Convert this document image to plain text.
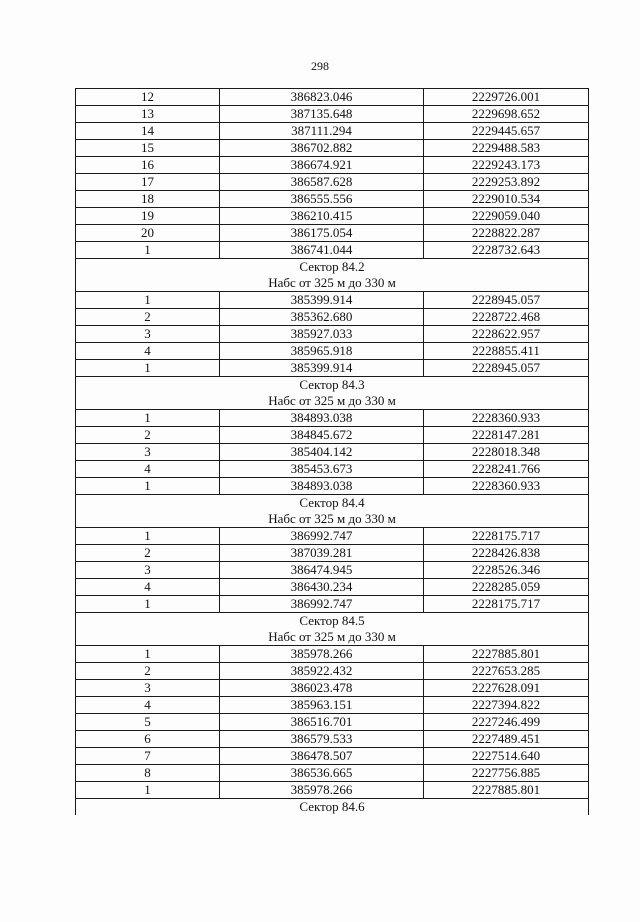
298
12	386823.046	2229726.001
13	387135.648	2229698.652
14	387111.294	2229445.657
15	386702.882	2229488.583
16	386674.921	2229243.173
17	386587.628	2229253.892
18	386555.556	2229010.534
19	386210.415	2229059.040
20	386175.054	2228822.287
1	386741.044	2228732.643
Сектор 84.2		
Набс от 325 м до 330 м		
1	385399.914	2228945.057
2	385362.680	2228722.468
3	385927.033	2228622.957
4	385965.918	2228855.411
1	385399.914	2228945.057
Сектор 84.3		
Набс от 325 м до 330 м		
1	384893.038	2228360.933
2	384845.672	2228147.281
3	385404.142	2228018.348
4	385453.673	2228241.766
1	384893.038	2228360.933
Сектор 84.4		
Набс от 325 м до 330 м		
1	386992.747	2228175.717
2	387039.281	2228426.838
3	386474.945	2228526.346
4	386430.234	2228285.059
1	386992.747	2228175.717
Сектор 84.5		
Набс от 325 м до 330 м		
1	385978.266	2227885.801
2	385922.432	2227653.285
3	386023.478	2227628.091
4	385963.151	2227394.822
5	386516.701	2227246.499
6	386579.533	2227489.451
7	386478.507	2227514.640
8	386536.665	2227756.885
1	385978.266	2227885.801
Сектор 84.6		
